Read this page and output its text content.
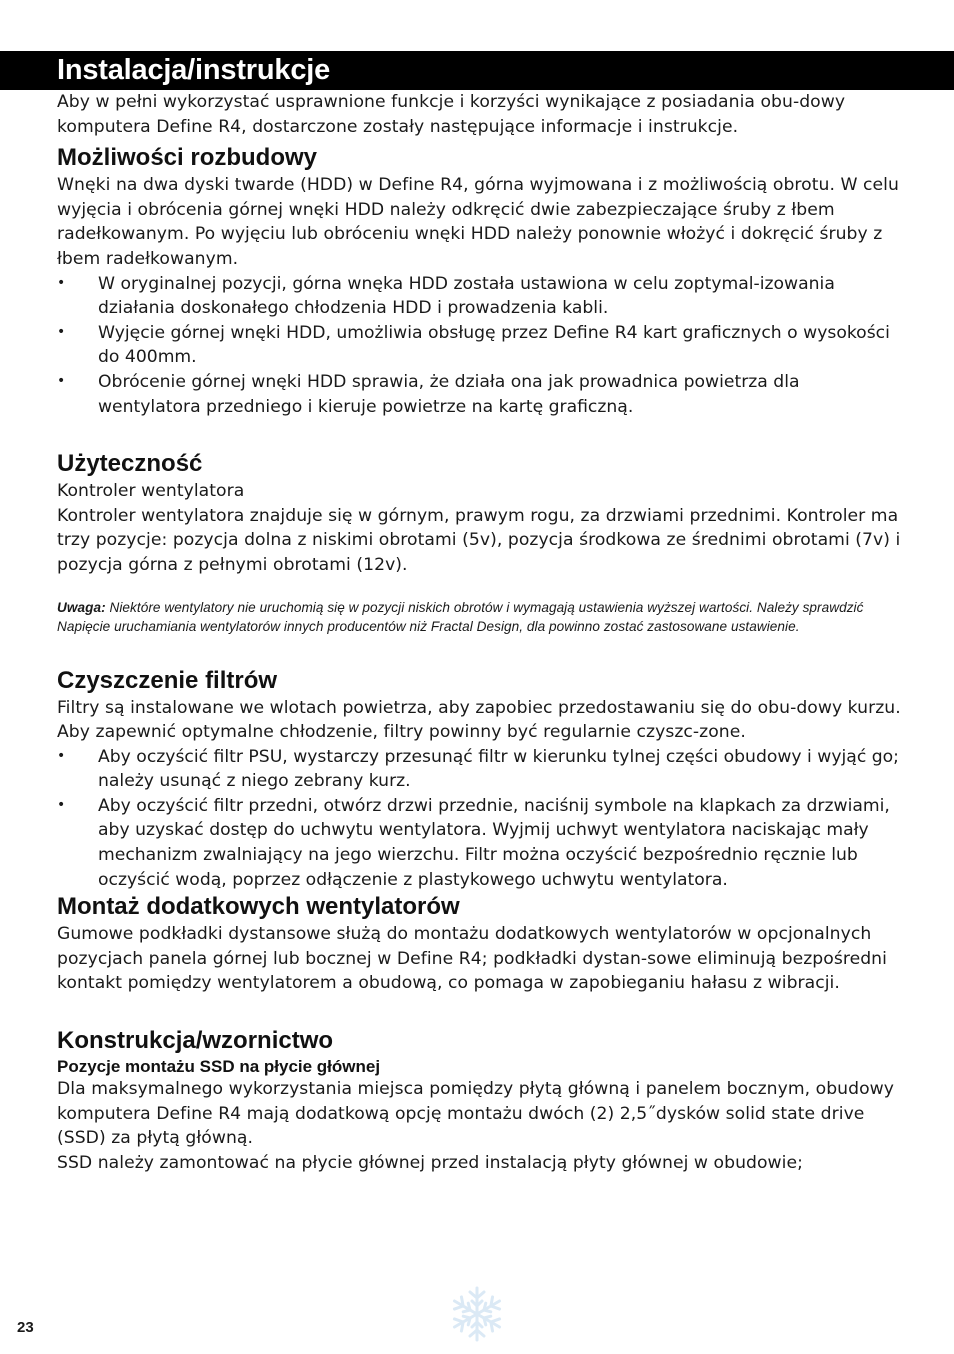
Instalacja/instrukcje

Aby w pełni wykorzystać usprawnione funkcje i korzyści wynikające z posiadania obu-dowy komputera Define R4, dostarczone zostały następujące informacje i instrukcje.

Możliwości rozbudowy

Wnęki na dwa dyski twarde (HDD) w Define R4, górna wyjmowana i z możliwością obrotu. W celu wyjęcia i obrócenia górnej wnęki HDD należy odkręcić dwie zabezpieczające śruby z łbem radełkowanym. Po wyjęciu lub obróceniu wnęki HDD należy ponownie włożyć i dokręcić śruby z łbem radełkowanym.

• W oryginalnej pozycji, górna wnęka HDD została ustawiona w celu zoptymal-izowania działania doskonałego chłodzenia HDD i prowadzenia kabli.
• Wyjęcie górnej wnęki HDD, umożliwia obsługę przez Define R4 kart graficznych o wysokości do 400mm.
• Obrócenie górnej wnęki HDD sprawia, że działa ona jak prowadnica powietrza dla wentylatora przedniego i kieruje powietrze na kartę graficzną.
Użyteczność

Kontroler wentylatora

Kontroler wentylatora znajduje się w górnym, prawym rogu, za drzwiami przednimi. Kontroler ma trzy pozycje: pozycja dolna z niskimi obrotami (5v), pozycja środkowa ze średnimi obrotami (7v) i pozycja górna z pełnymi obrotami (12v).

Uwaga: Niektóre wentylatory nie uruchomią się w pozycji niskich obrotów i wymagają ustawienia wyższej wartości. Należy sprawdzić Napięcie uruchamiania wentylatorów innych producentów niż Fractal Design, dla powinno zostać zastosowane ustawienie.

Czyszczenie filtrów

Filtry są instalowane we wlotach powietrza, aby zapobiec przedostawaniu się do obu-dowy kurzu. Aby zapewnić optymalne chłodzenie, filtry powinny być regularnie czyszc-zone.

• Aby oczyścić filtr PSU, wystarczy przesunąć filtr w kierunku tylnej części obudowy i wyjąć go; należy usunąć z niego zebrany kurz.
• Aby oczyścić filtr przedni, otwórz drzwi przednie, naciśnij symbole na klapkach za drzwiami, aby uzyskać dostęp do uchwytu wentylatora. Wyjmij uchwyt wentylatora naciskając mały mechanizm zwalniający na jego wierzchu. Filtr można oczyścić bezpośrednio ręcznie lub oczyścić wodą, poprzez odłączenie z plastykowego uchwytu wentylatora.
Montaż dodatkowych wentylatorów

Gumowe podkładki dystansowe służą do montażu dodatkowych wentylatorów w opcjonalnych pozycjach panela górnej lub bocznej w Define R4; podkładki dystan-sowe eliminują bezpośredni kontakt pomiędzy wentylatorem a obudową, co pomaga w zapobieganiu hałasu z wibracji.

Konstrukcja/wzornictwo
Pozycje montażu SSD na płycie głównej

Dla maksymalnego wykorzystania miejsca pomiędzy płytą główną i panelem bocznym, obudowy komputera Define R4 mają dodatkową opcję montażu dwóch (2) 2,5˝dysków solid state drive (SSD) za płytą główną.

SSD należy zamontować na płycie głównej przed instalacją płyty głównej w obudowie;

23
